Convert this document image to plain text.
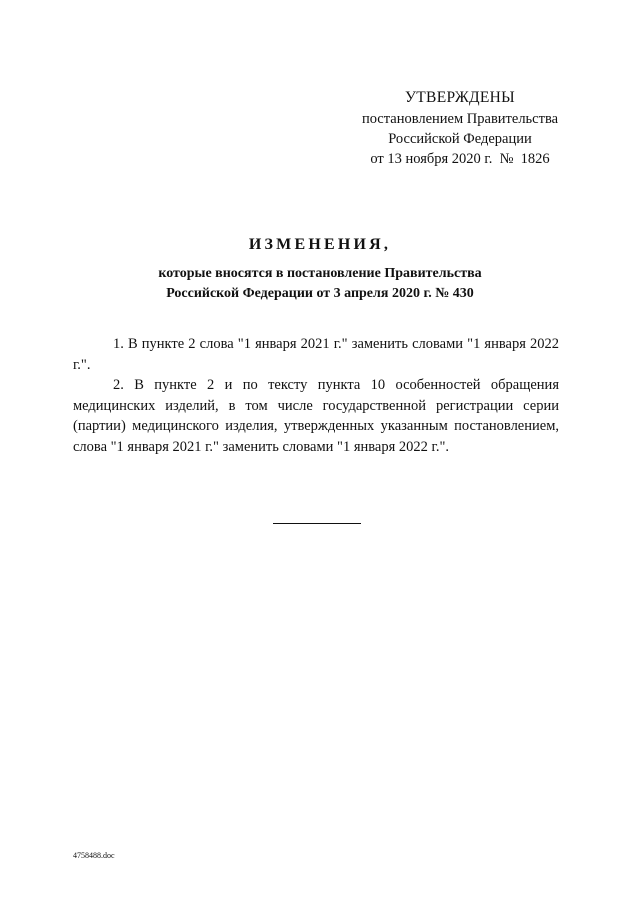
УТВЕРЖДЕНЫ
постановлением Правительства
Российской Федерации
от 13 ноября 2020 г.  №  1826
ИЗМЕНЕНИЯ,
которые вносятся в постановление Правительства
Российской Федерации от 3 апреля 2020 г. № 430

1. В пункте 2 слова "1 января 2021 г." заменить словами "1 января 2022 г.".

2. В пункте 2 и по тексту пункта 10 особенностей обращения медицинских изделий, в том числе государственной регистрации серии (партии) медицинского изделия, утвержденных указанным постановлением, слова "1 января 2021 г." заменить словами "1 января 2022 г.".

4758488.doc
